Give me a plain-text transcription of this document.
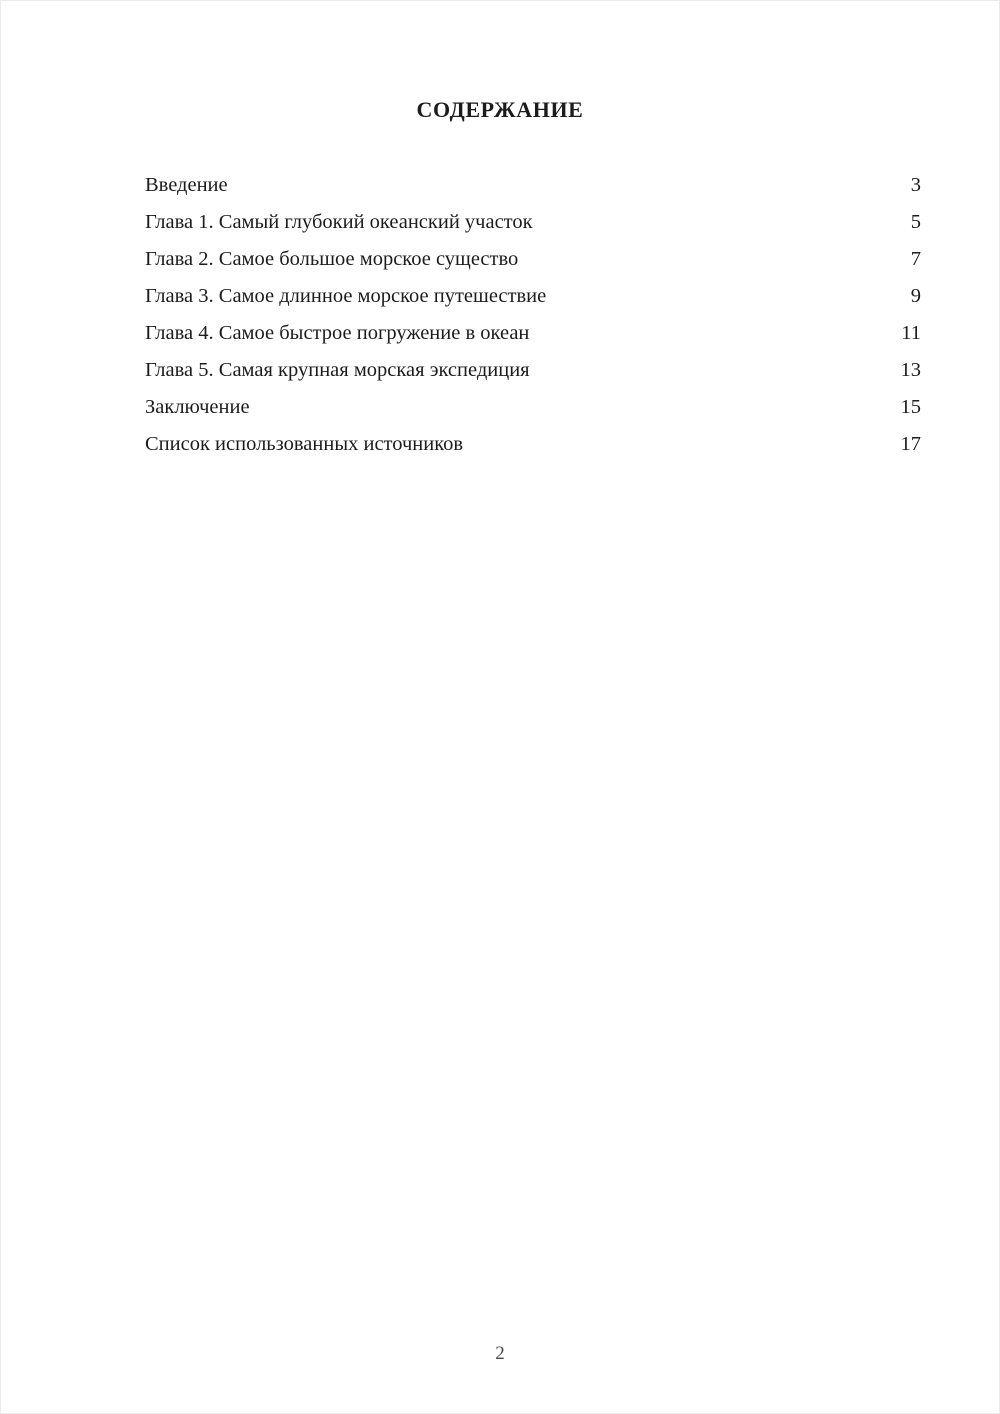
СОДЕРЖАНИЕ
Введение	3
Глава 1. Самый глубокий океанский участок	5
Глава 2. Самое большое морское существо	7
Глава 3. Самое длинное морское путешествие	9
Глава 4. Самое быстрое погружение в океан	11
Глава 5. Самая крупная морская экспедиция	13
Заключение	15
Список использованных источников	17
2
